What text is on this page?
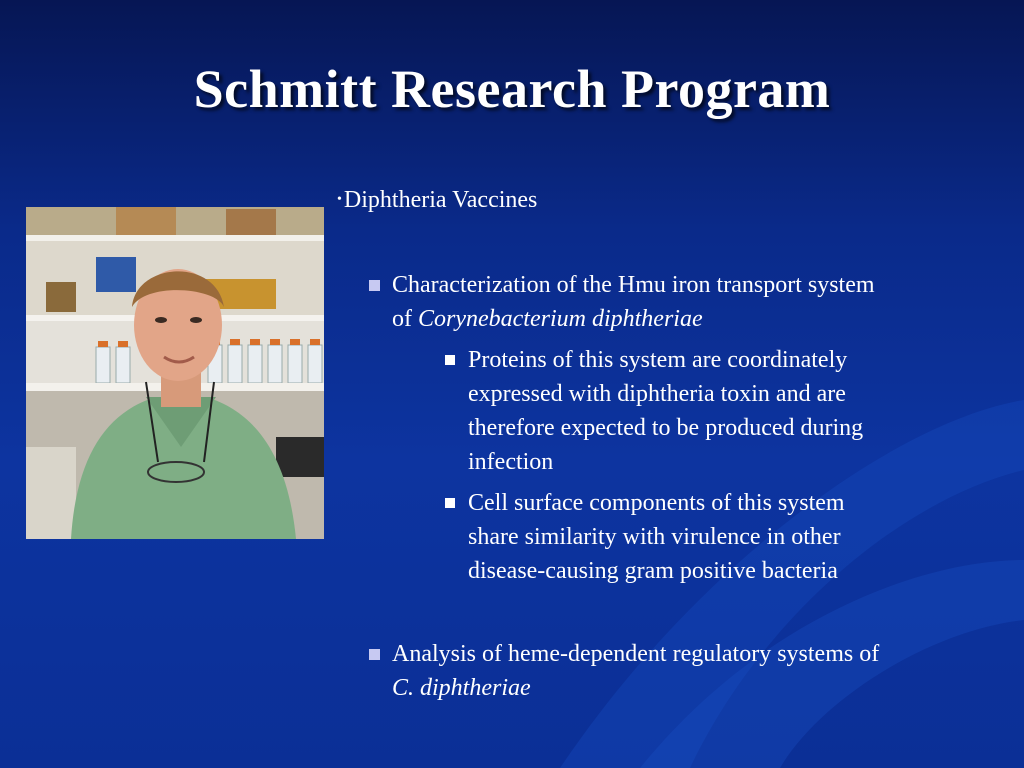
Schmitt Research Program
•Diphtheria Vaccines
Characterization of the Hmu iron transport system
of Corynebacterium diphtheriae
Proteins of this system are coordinately
expressed with diphtheria toxin and are
therefore expected to be produced during
infection
Cell surface components of this system
share similarity with virulence in other
disease-causing gram positive bacteria
Analysis of heme-dependent regulatory systems of
C. diphtheriae
